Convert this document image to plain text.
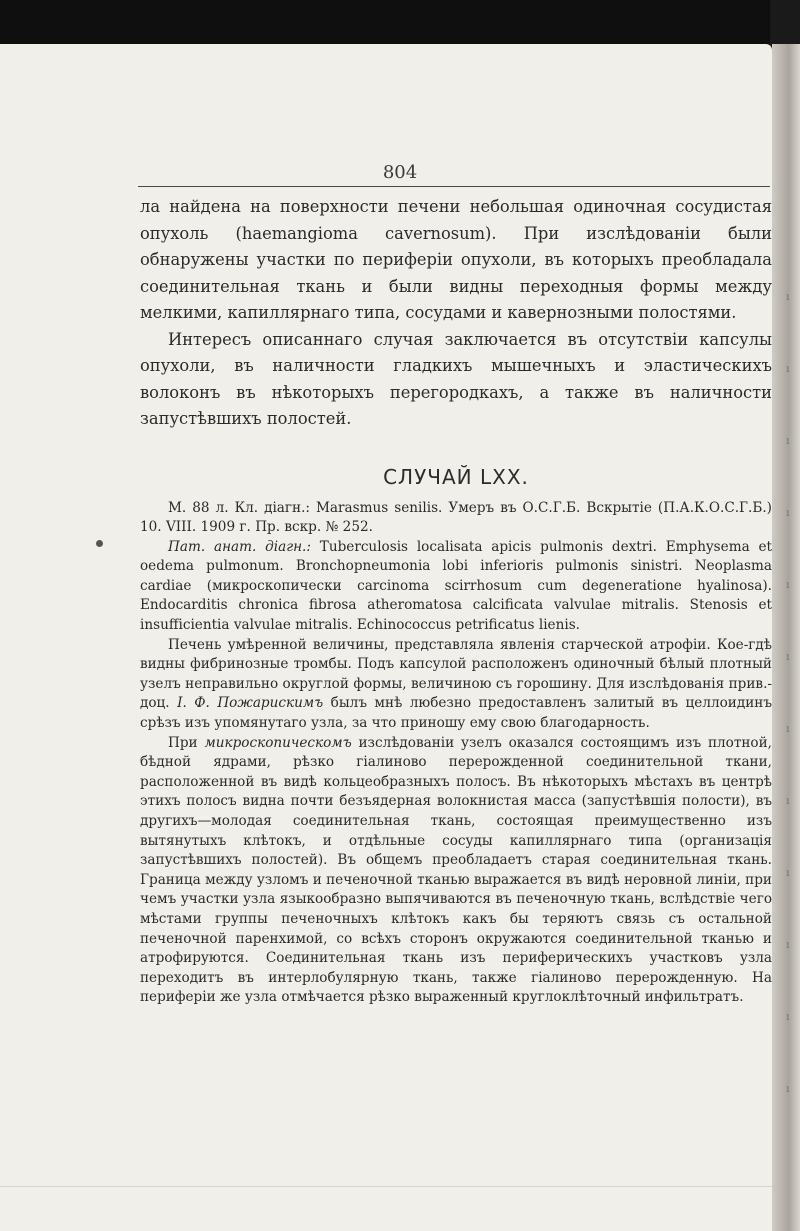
804

ла найдена на поверхности печени небольшая одиночная сосудистая опухоль (haemangioma cavernosum). При изслѣдованіи были обнаружены участки по периферіи опухоли, въ которыхъ преобладала соединительная ткань и были видны переходныя формы между мелкими, капиллярнаго типа, сосудами и кавернозными полостями.

Интересъ описаннаго случая заключается въ отсутствіи капсулы опухоли, въ наличности гладкихъ мышечныхъ и эластическихъ волоконъ въ нѣкоторыхъ перегородкахъ, а также въ наличности запустѣвшихъ полостей.

СЛУЧАЙ LXX.

М. 88 л. Кл. діагн.: Marasmus senilis. Умеръ въ О.С.Г.Б. Вскрытіе (П.А.К.О.С.Г.Б.) 10. VIII. 1909 г. Пр. вскр. № 252.

Пат. анат. діагн.: Tuberculosis localisata apicis pulmonis dextri. Emphysema et oedema pulmonum. Bronchopneumonia lobi inferioris pulmonis sinistri. Neoplasma cardiae (микроскопически carcinoma scirrhosum cum degeneratione hyalinosa). Endocarditis chronica fibrosa atheromatosa calcificata valvulae mitralis. Stenosis et insufficientia valvulae mitralis. Echinococcus petrificatus lienis.

Печень умѣренной величины, представляла явленія старческой атрофіи. Кое-гдѣ видны фибринозные тромбы. Подъ капсулой расположенъ одиночный бѣлый плотный узелъ неправильно округлой формы, величиною съ горошину. Для изслѣдованія прив.-доц. І. Ф. Пожарискимъ былъ мнѣ любезно предоставленъ залитый въ целлоидинъ срѣзъ изъ упомянутаго узла, за что приношу ему свою благодарность.

При микроскопическомъ изслѣдованіи узелъ оказался состоящимъ изъ плотной, бѣдной ядрами, рѣзко гіалиново перерожденной соединительной ткани, расположенной въ видѣ кольцеобразныхъ полосъ. Въ нѣкоторыхъ мѣстахъ въ центрѣ этихъ полосъ видна почти безъядерная волокнистая масса (запустѣвшія полости), въ другихъ—молодая соединительная ткань, состоящая преимущественно изъ вытянутыхъ клѣтокъ, и отдѣльные сосуды капиллярнаго типа (организація запустѣвшихъ полостей). Въ общемъ преобладаетъ старая соединительная ткань. Граница между узломъ и печеночной тканью выражается въ видѣ неровной линіи, при чемъ участки узла языкообразно выпячиваются въ печеночную ткань, вслѣдствіе чего мѣстами группы печеночныхъ клѣтокъ какъ бы теряютъ связь съ остальной печеночной паренхимой, со всѣхъ сторонъ окружаются соединительной тканью и атрофируются. Соединительная ткань изъ периферическихъ участковъ узла переходитъ въ интерлобулярную ткань, также гіалиново перерожденную. На периферіи же узла отмѣчается рѣзко выраженный круглоклѣточный инфильтратъ.

ı
ı
ı
ı
ı
ı
ı
ı
ı
ı
ı
ı
